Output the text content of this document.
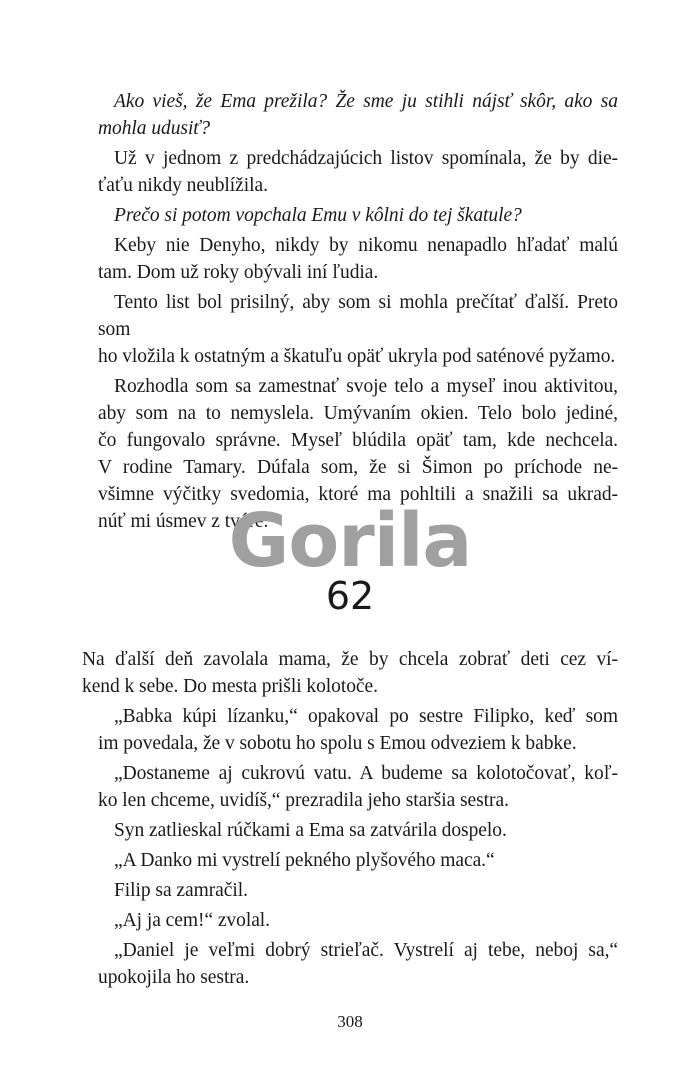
Ako vieš, že Ema prežila? Že sme ju stihli nájsť skôr, ako sa
mohla udusiť?
Už v jednom z predchádzajúcich listov spomínala, že by die-
ťaťu nikdy neublížila.
Prečo si potom vopchala Emu v kôlni do tej škatule?
Keby nie Denyho, nikdy by nikomu nenapadlo hľadať malú
tam. Dom už roky obývali iní ľudia.
Tento list bol prisilný, aby som si mohla prečítať ďalší. Preto som
ho vložila k ostatným a škatuľu opäť ukryla pod saténové pyžamo.
Rozhodla som sa zamestnať svoje telo a myseľ inou aktivitou,
aby som na to nemyslela. Umývaním okien. Telo bolo jediné,
čo fungovalo správne. Myseľ blúdila opäť tam, kde nechcela.
V rodine Tamary. Dúfala som, že si Šimon po príchode ne-
všimne výčitky svedomia, ktoré ma pohltili a snažili sa ukrad-
núť mi úsmev z tváre.
Gorila
62
Na ďalší deň zavolala mama, že by chcela zobrať deti cez ví-
kend k sebe. Do mesta prišli kolotoče.
„Babka kúpi lízanku,“ opakoval po sestre Filipko, keď som
im povedala, že v sobotu ho spolu s Emou odveziem k babke.
„Dostaneme aj cukrovú vatu. A budeme sa kolotočovať, koľ-
ko len chceme, uvidíš,“ prezradila jeho staršia sestra.
Syn zatlieskal rúčkami a Ema sa zatvárila dospelo.
„A Danko mi vystrelí pekného plyšového maca.“
Filip sa zamračil.
„Aj ja cem!“ zvolal.
„Daniel je veľmi dobrý strieľač. Vystrelí aj tebe, neboj sa,“
upokojila ho sestra.
308
